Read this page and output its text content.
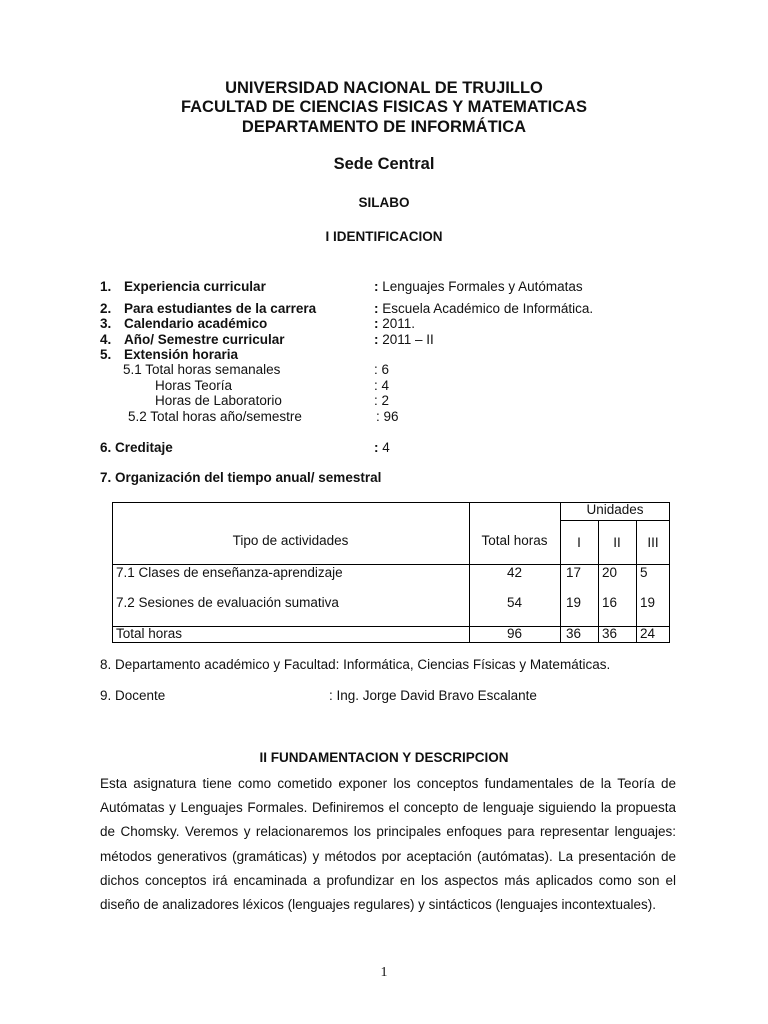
UNIVERSIDAD NACIONAL DE TRUJILLO
FACULTAD DE CIENCIAS FISICAS Y MATEMATICAS
DEPARTAMENTO DE INFORMÁTICA
Sede Central
SILABO
I IDENTIFICACION
1. Experiencia curricular	: Lenguajes Formales y Autómatas
2. Para estudiantes de la carrera	: Escuela Académico de Informática.
3. Calendario académico	: 2011.
4. Año/ Semestre curricular	: 2011 – II
5. Extensión horaria
5.1 Total horas semanales	: 6
Horas Teoría	: 4
Horas de Laboratorio	: 2
5.2 Total horas año/semestre	: 96
6. Creditaje	: 4
7. Organización del tiempo anual/ semestral
Tipo de actividades	Total horas
Unidades
I	II	III
7.1 Clases de enseñanza-aprendizaje	42	17 20 5
7.2 Sesiones de evaluación sumativa	54	19 16 19
Total horas	96	36 36 24
8. Departamento académico y Facultad: Informática, Ciencias Físicas y Matemáticas.
9. Docente	: Ing. Jorge David Bravo Escalante
II FUNDAMENTACION Y DESCRIPCION
Esta asignatura tiene como cometido exponer los conceptos fundamentales de la Teoría de Autómatas y Lenguajes Formales. Definiremos el concepto de lenguaje siguiendo la propuesta de Chomsky. Veremos y relacionaremos los principales enfoques para representar lenguajes: métodos generativos (gramáticas) y métodos por aceptación (autómatas). La presentación de dichos conceptos irá encaminada a profundizar en los aspectos más aplicados como son el diseño de analizadores léxicos (lenguajes regulares) y sintácticos (lenguajes incontextuales).
1
